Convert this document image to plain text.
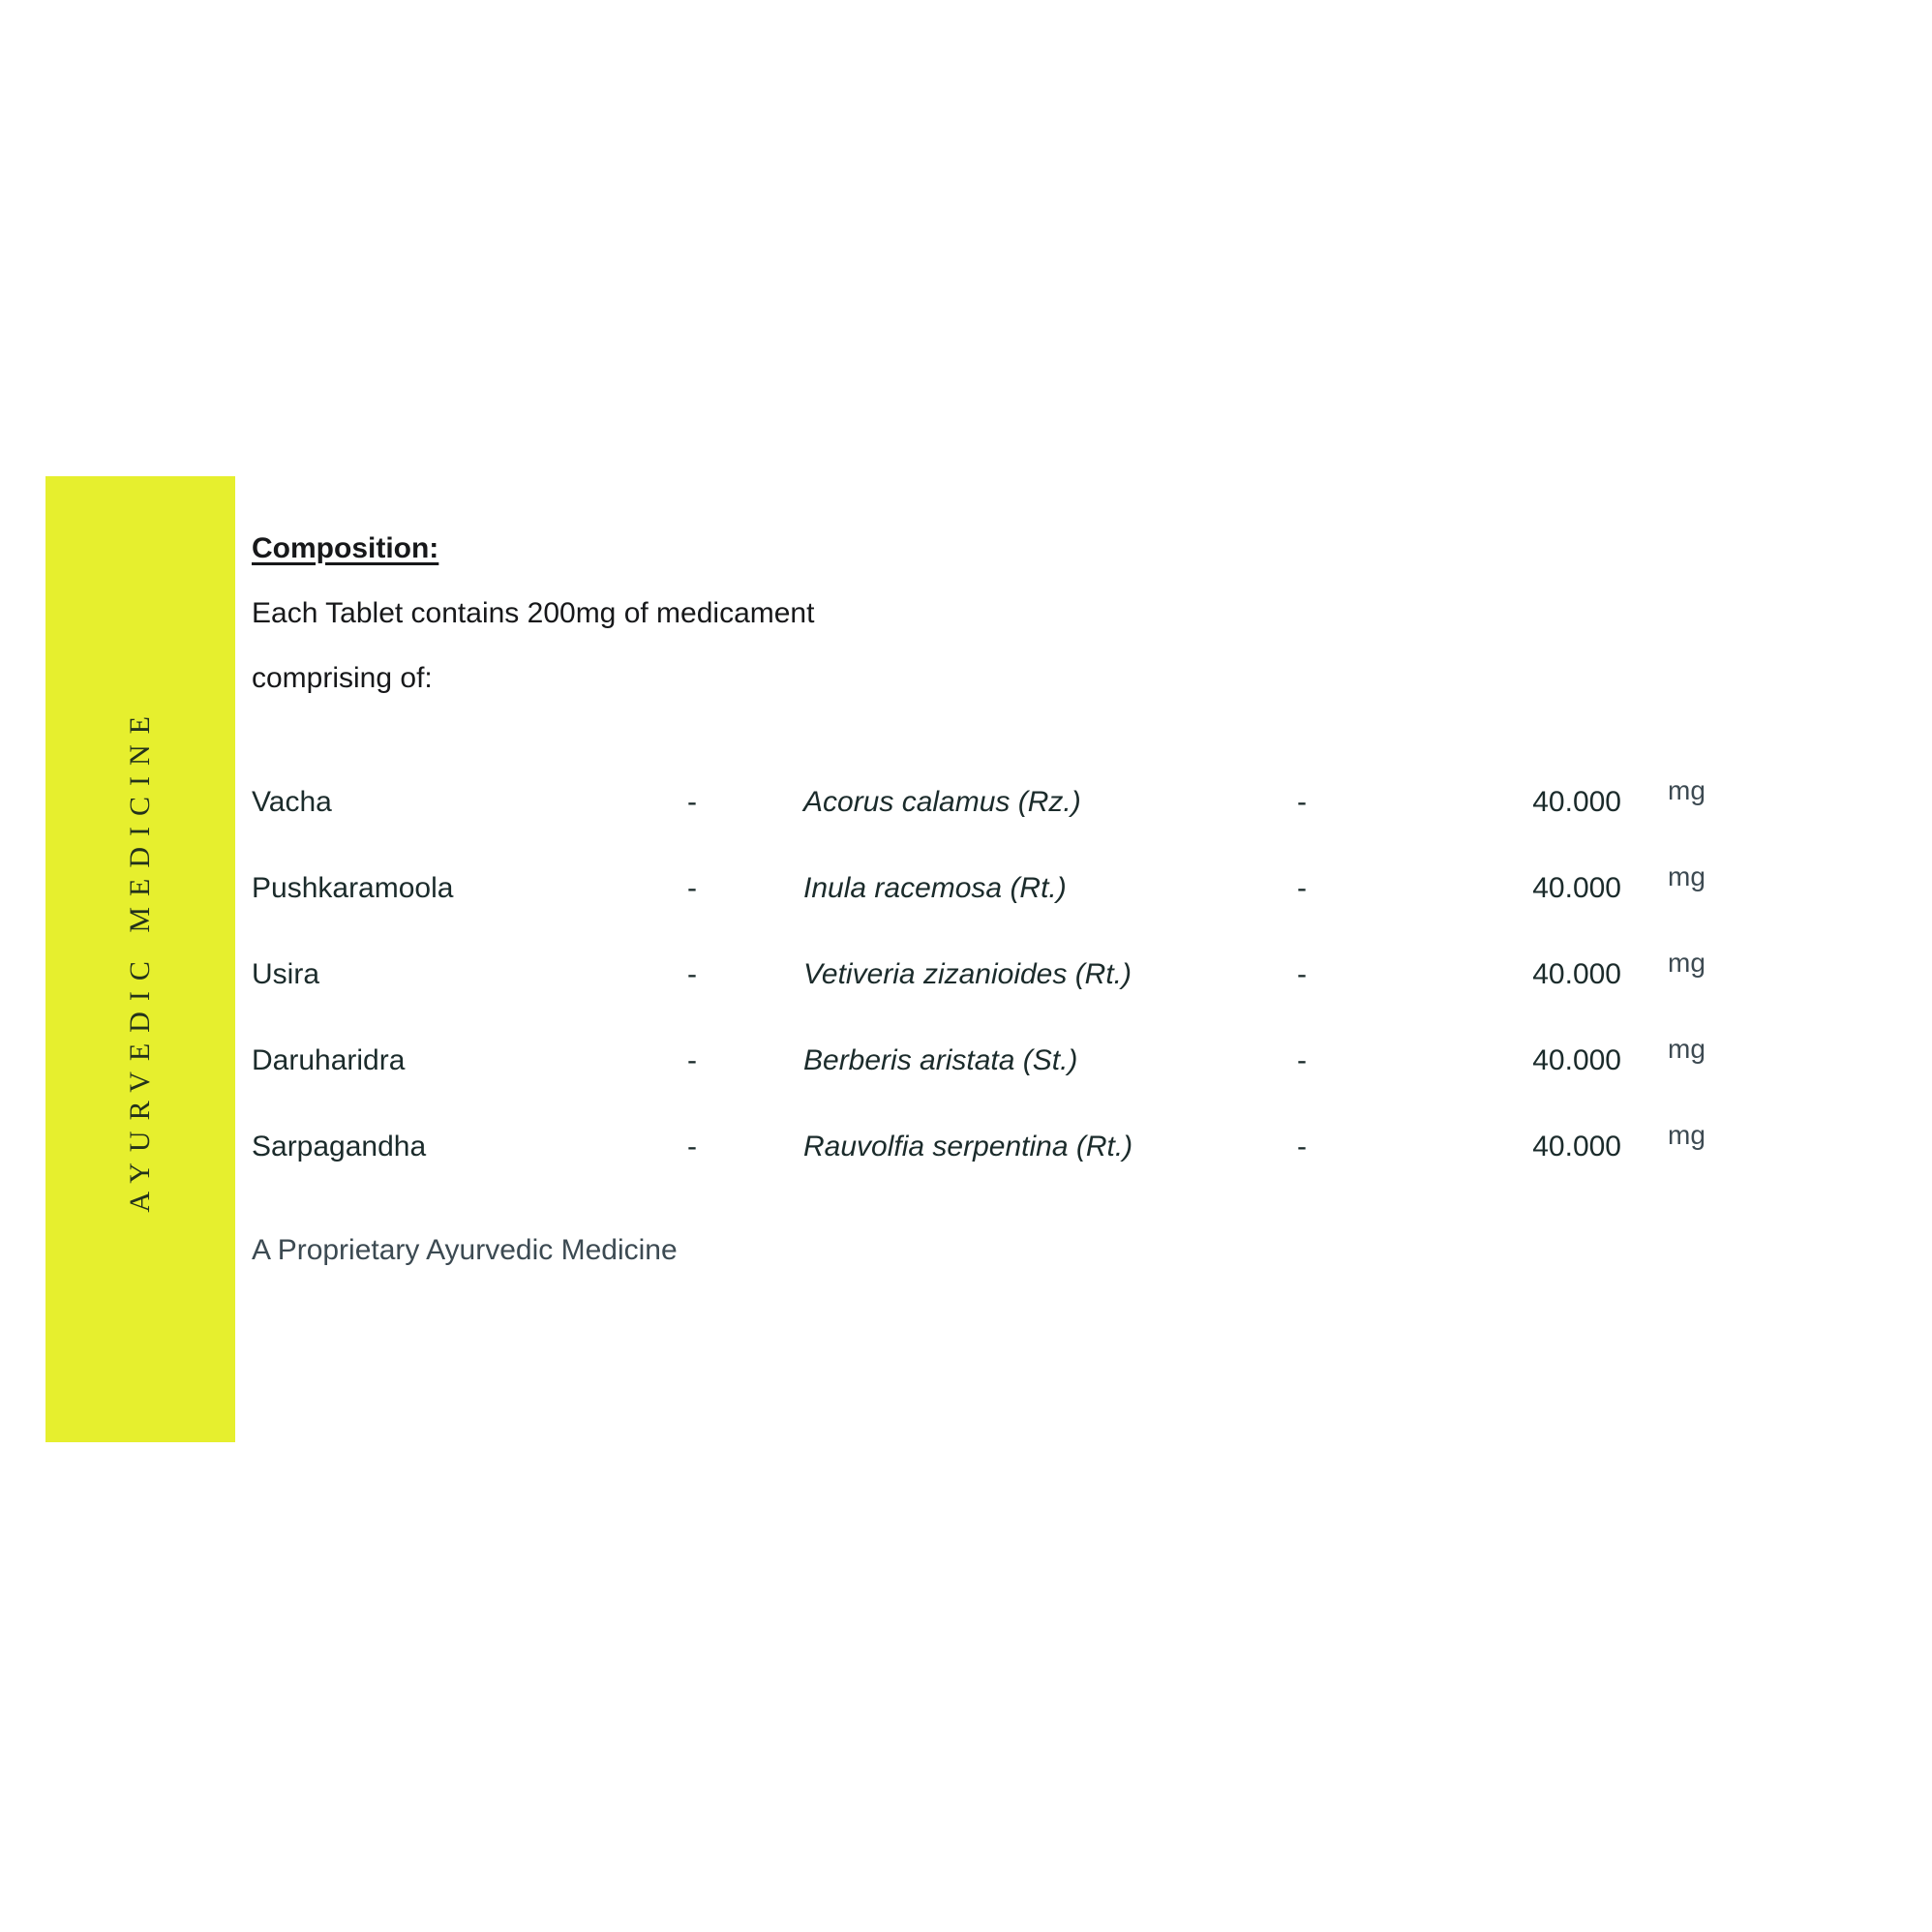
AYURVEDIC MEDICINE
Composition:
Each Tablet contains 200mg of medicament
comprising of:
Vacha	-	Acorus calamus (Rz.)	-	40.000	mg
Pushkaramoola	-	Inula racemosa (Rt.)	-	40.000	mg
Usira	-	Vetiveria zizanioides (Rt.)	-	40.000	mg
Daruharidra	-	Berberis aristata (St.)	-	40.000	mg
Sarpagandha	-	Rauvolfia serpentina (Rt.)	-	40.000	mg
A Proprietary Ayurvedic Medicine
